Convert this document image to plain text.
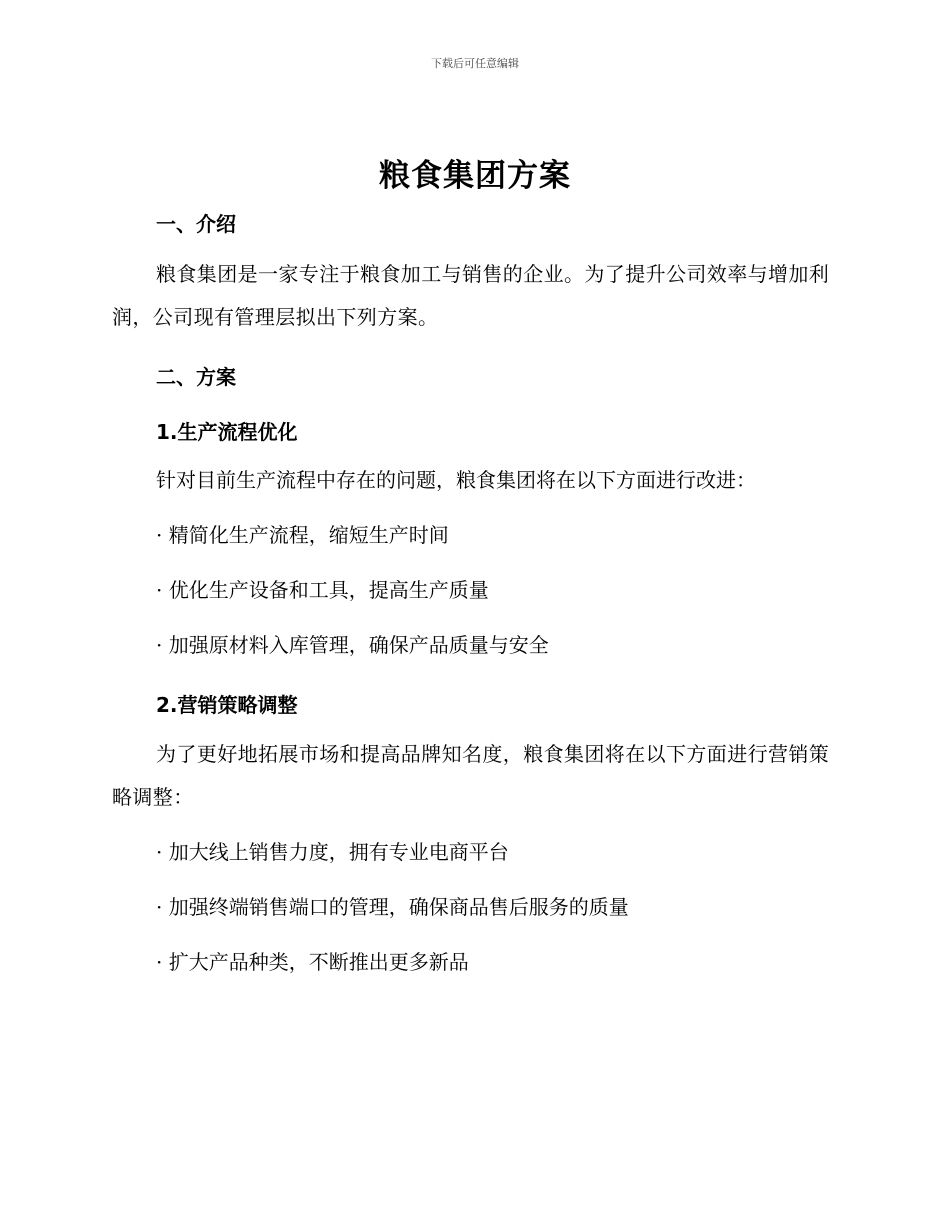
下载后可任意编辑
粮食集团方案
一、介绍
粮食集团是一家专注于粮食加工与销售的企业。为了提升公司效率与增加利润，公司现有管理层拟出下列方案。
二、方案
1.生产流程优化
针对目前生产流程中存在的问题，粮食集团将在以下方面进行改进：
· 精简化生产流程，缩短生产时间
· 优化生产设备和工具，提高生产质量
· 加强原材料入库管理，确保产品质量与安全
2.营销策略调整
为了更好地拓展市场和提高品牌知名度，粮食集团将在以下方面进行营销策略调整：
· 加大线上销售力度，拥有专业电商平台
· 加强终端销售端口的管理，确保商品售后服务的质量
· 扩大产品种类，不断推出更多新品
